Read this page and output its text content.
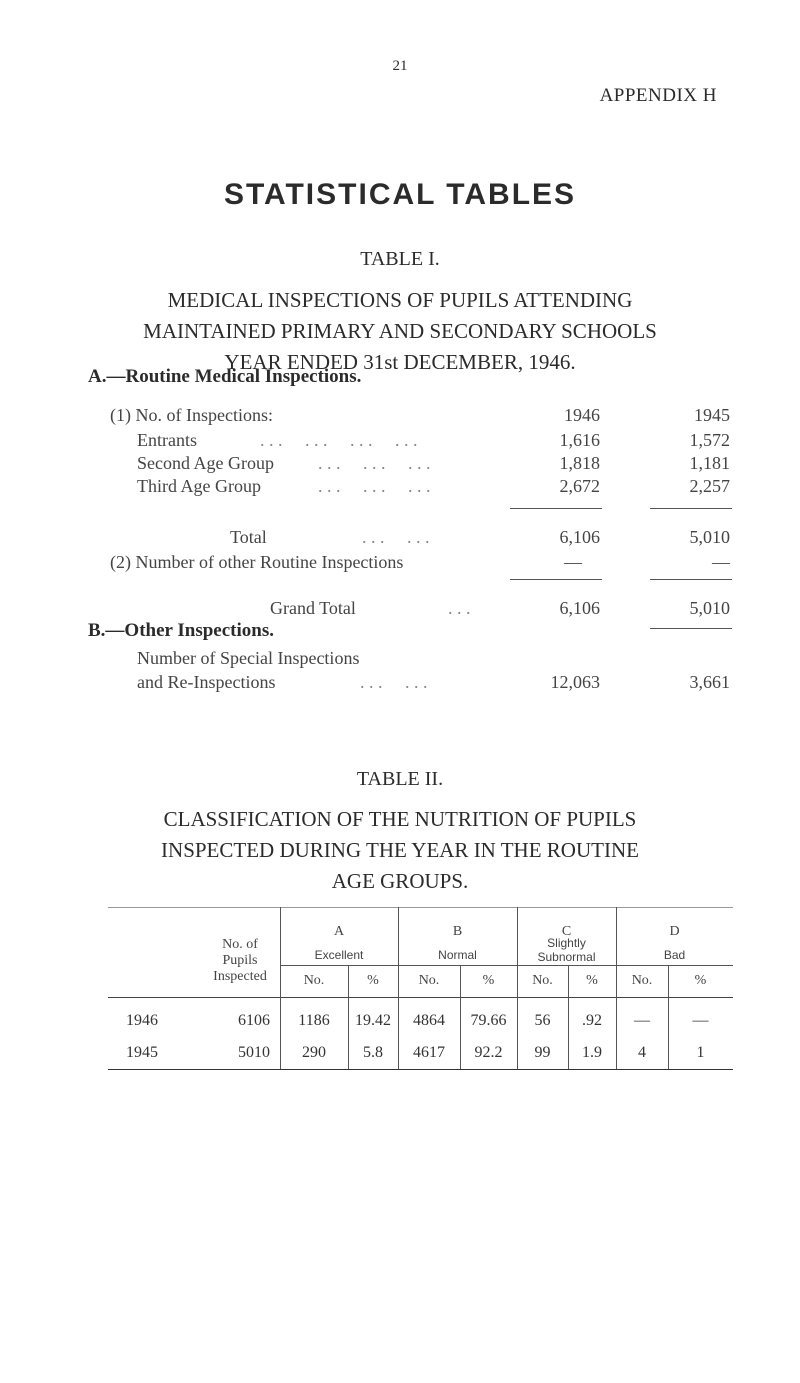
21
APPENDIX H
STATISTICAL TABLES
TABLE I.
MEDICAL INSPECTIONS OF PUPILS ATTENDING
MAINTAINED PRIMARY AND SECONDARY SCHOOLS
YEAR ENDED 31st DECEMBER, 1946.
A.—Routine Medical Inspections.
(1) No. of Inspections:	1946	1945
Entrants	. . .     . . .     . . .     . . .	1,616	1,572
Second Age Group . . .     . . .     . . .	1,818	1,181
Third Age Group	. . .     . . .     . . .	2,672	2,257
Total	. . .     . . .	6,106	5,010
(2) Number of other Routine Inspections	—	—
Grand Total	. . .	6,106	5,010
B.—Other Inspections.
Number of Special Inspections
and Re-Inspections	. . .     . . .	12,063	3,661
TABLE II.
CLASSIFICATION OF THE NUTRITION OF PUPILS
INSPECTED DURING THE YEAR IN THE ROUTINE
AGE GROUPS.
No. of
Pupils
Inspected
A
Excellent
B
Normal
C
Slightly Subnormal
D
Bad
No.	%	No.	%	No.	%	No.	%
1946	6106	1186	19.42	4864	79.66	56	.92	—	—
1945	5010	290	5.8	4617	92.2	99	1.9	4	1
